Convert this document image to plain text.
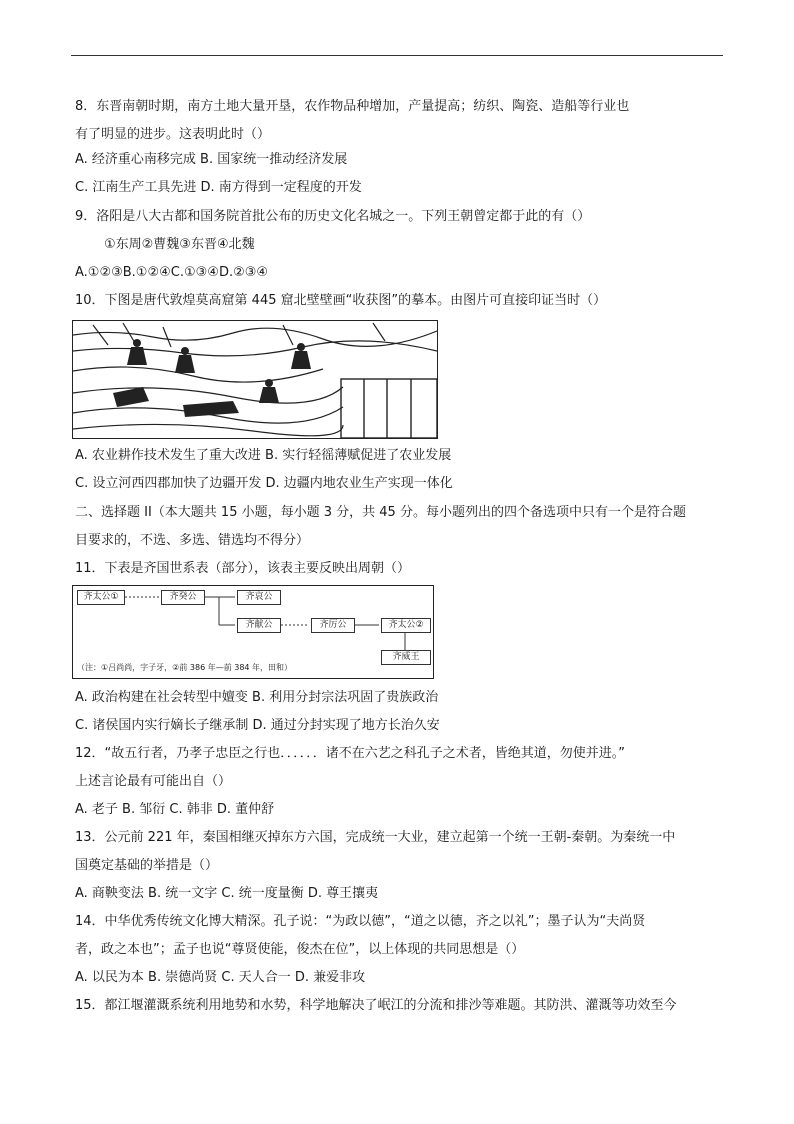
8．东晋南朝时期，南方土地大量开垦，农作物品种增加，产量提高；纺织、陶瓷、造船等行业也
有了明显的进步。这表明此时（）
A. 经济重心南移完成 B. 国家统一推动经济发展
C. 江南生产工具先进 D. 南方得到一定程度的开发
9．洛阳是八大古都和国务院首批公布的历史文化名城之一。下列王朝曾定都于此的有（）
①东周②曹魏③东晋④北魏
A.①②③B.①②④C.①③④D.②③④
10．下图是唐代敦煌莫高窟第 445 窟北壁壁画“收获图”的摹本。由图片可直接印证当时（）
A. 农业耕作技术发生了重大改进 B. 实行轻徭薄赋促进了农业发展
C. 设立河西四郡加快了边疆开发 D. 边疆内地农业生产实现一体化
二、选择题 II（本大题共 15 小题，每小题 3 分，共 45 分。每小题列出的四个备选项中只有一个是符合题
目要求的，不选、多选、错选均不得分）
11．下表是齐国世系表（部分），该表主要反映出周朝（）
齐太公①	齐癸公	齐哀公
齐献公	齐厉公	齐太公②
齐威王
（注：①吕尚尚，字子牙，②前 386 年—前 384 年，田和）
A. 政治构建在社会转型中嬗变 B. 利用分封宗法巩固了贵族政治
C. 诸侯国内实行嫡长子继承制 D. 通过分封实现了地方长治久安
12．“故五行者，乃孝子忠臣之行也．．．．．．诸不在六艺之科孔子之术者，皆绝其道，勿使并进。”
上述言论最有可能出自（）
A. 老子 B. 邹衍 C. 韩非 D. 董仲舒
13．公元前 221 年，秦国相继灭掉东方六国，完成统一大业，建立起第一个统一王朝-秦朝。为秦统一中
国奠定基础的举措是（）
A. 商鞅变法 B. 统一文字 C. 统一度量衡 D. 尊王攘夷
14．中华优秀传统文化博大精深。孔子说：“为政以德”，“道之以德，齐之以礼”；墨子认为“夫尚贤
者，政之本也”；孟子也说“尊贤使能，俊杰在位”，以上体现的共同思想是（）
A. 以民为本 B. 崇德尚贤 C. 天人合一 D. 兼爱非攻
15．都江堰灌溉系统利用地势和水势，科学地解决了岷江的分流和排沙等难题。其防洪、灌溉等功效至今
